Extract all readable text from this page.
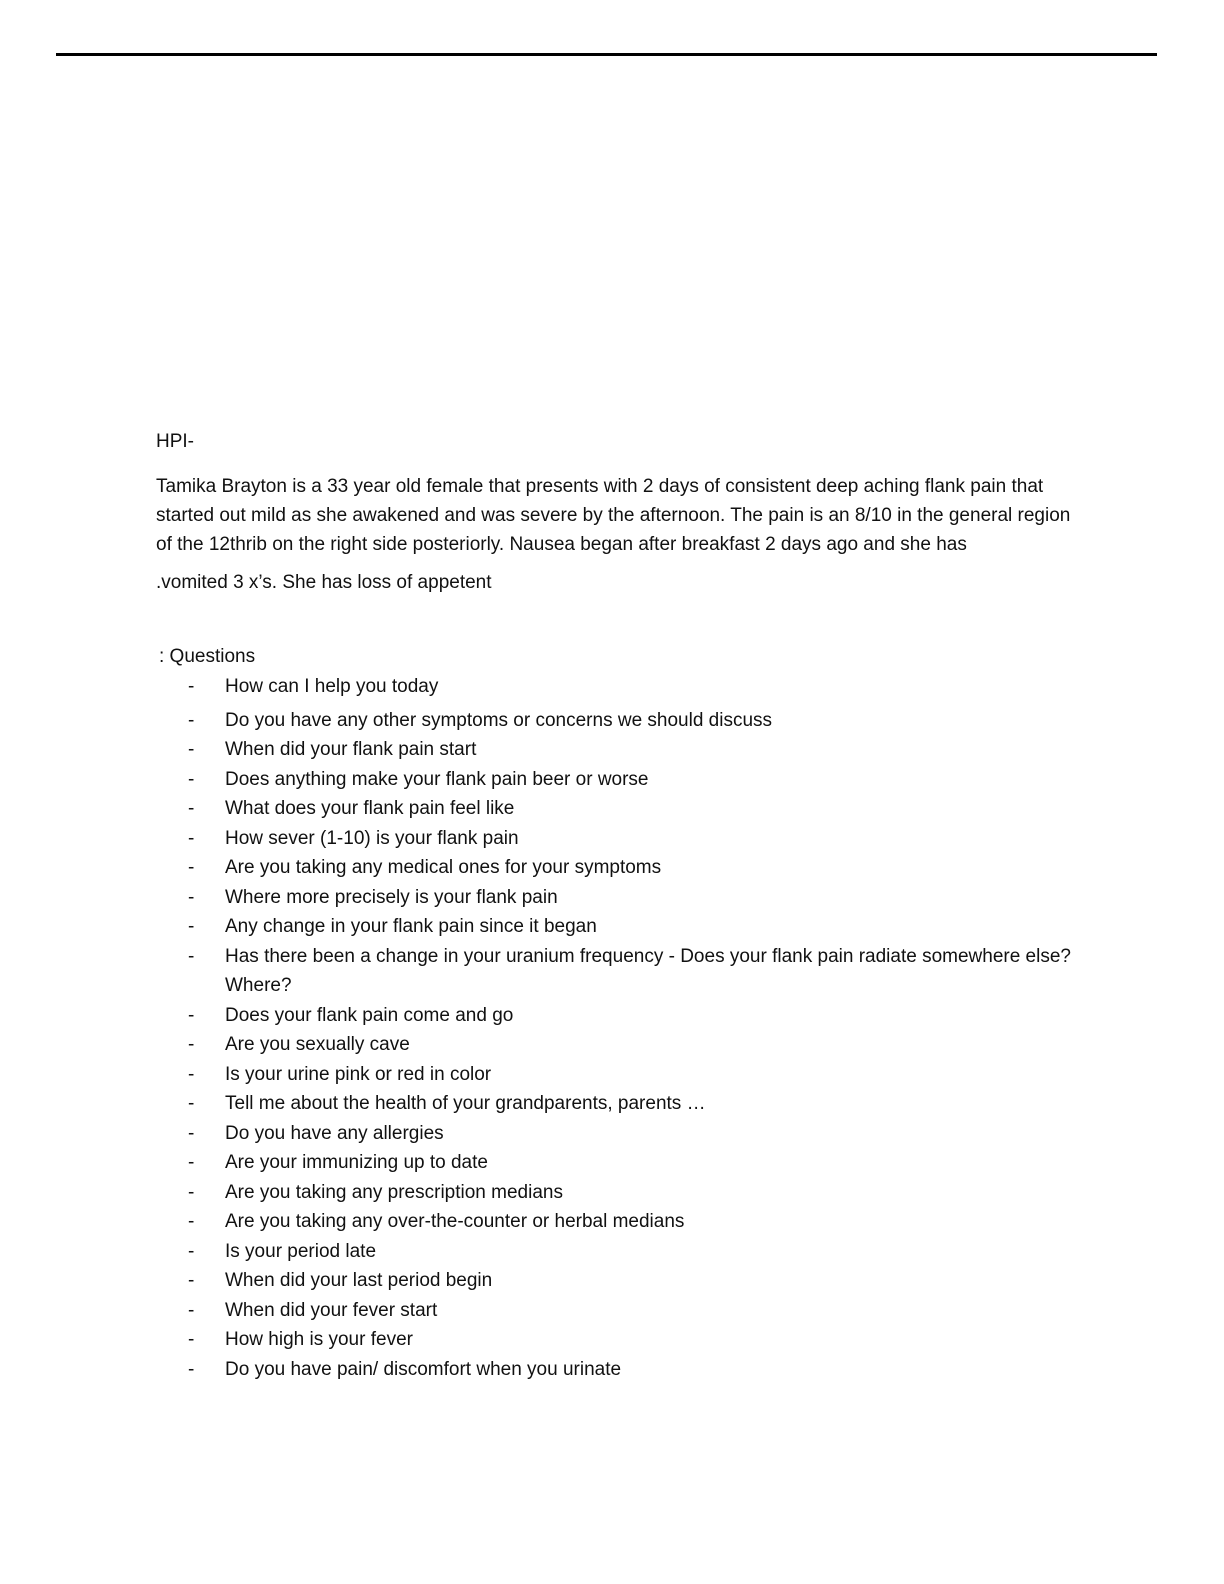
HPI-

Tamika Brayton is a 33 year old female that presents with 2 days of consistent deep aching flank pain that started out mild as she awakened and was severe by the afternoon. The pain is an 8/10 in the general region of the 12thrib on the right side posteriorly. Nausea began after breakfast 2 days ago and she has

.vomited 3 x’s. She has loss of appetent

: Questions

-	How can I help you today
-	Do you have any other symptoms or concerns we should discuss
-	When did your flank pain start
-	Does anything make your flank pain beer or worse
-	What does your flank pain feel like
-	How sever (1-10) is your flank pain
-	Are you taking any medical ones for your symptoms
-	Where more precisely is your flank pain
-	Any change in your flank pain since it began
-	Has there been a change in your uranium frequency - Does your flank pain radiate somewhere else? Where?
-	Does your flank pain come and go
-	Are you sexually cave
-	Is your urine pink or red in color
-	Tell me about the health of your grandparents, parents …
-	Do you have any allergies
-	Are your immunizing up to date
-	Are you taking any prescription medians
-	Are you taking any over-the-counter or herbal medians
-	Is your period late
-	When did your last period begin
-	When did your fever start
-	How high is your fever
-	Do you have pain/ discomfort when you urinate
